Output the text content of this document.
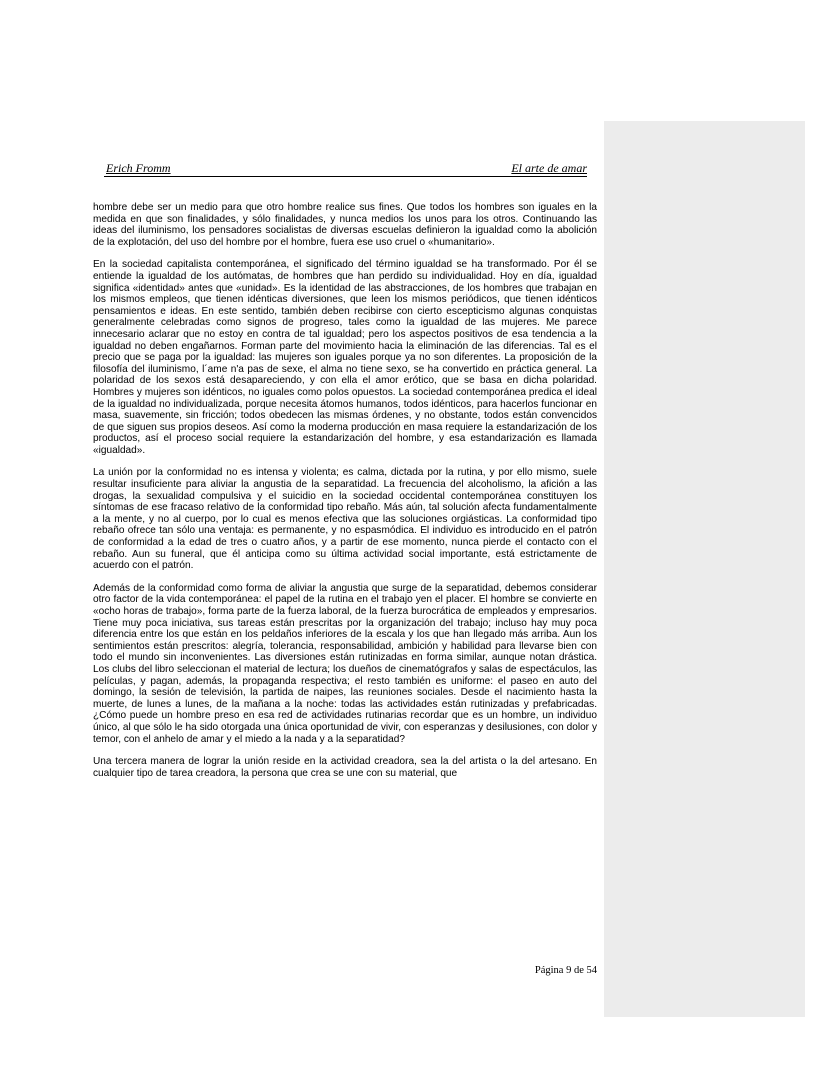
Erich Fromm	El arte de amar

hombre debe ser un medio para que otro hombre realice sus fines. Que todos los hombres son iguales en la medida en que son finalidades, y sólo finalidades, y nunca medios los unos para los otros. Continuando las ideas del iluminismo, los pensadores socialistas de diversas escuelas definieron la igualdad como la abolición de la explotación, del uso del hombre por el hombre, fuera ese uso cruel o «humanitario».

En la sociedad capitalista contemporánea, el significado del término igualdad se ha transformado. Por él se entiende la igualdad de los autómatas, de hombres que han perdido su individualidad. Hoy en día, igualdad significa «identidad» antes que «unidad». Es la identidad de las abstracciones, de los hombres que trabajan en los mismos empleos, que tienen idénticas diversiones, que leen los mismos periódicos, que tienen idénticos pensamientos e ideas. En este sentido, también deben recibirse con cierto escepticismo algunas conquistas generalmente celebradas como signos de progreso, tales como la igualdad de las mujeres. Me parece innecesario aclarar que no estoy en contra de tal igualdad; pero los aspectos positivos de esa tendencia a la igualdad no deben engañarnos. Forman parte del movimiento hacia la eliminación de las diferencias. Tal es el precio que se paga por la igualdad: las mujeres son iguales porque ya no son diferentes. La proposición de la filosofía del iluminismo, l´ame n'a pas de sexe, el alma no tiene sexo, se ha convertido en práctica general. La polaridad de los sexos está desapareciendo, y con ella el amor erótico, que se basa en dicha polaridad. Hombres y mujeres son idénticos, no iguales como polos opuestos. La sociedad contemporánea predica el ideal de la igualdad no individualizada, porque necesita átomos humanos, todos idénticos, para hacerlos funcionar en masa, suavemente, sin fricción; todos obedecen las mismas órdenes, y no obstante, todos están convencidos de que siguen sus propios deseos. Así como la moderna producción en masa requiere la estandarización de los productos, así el proceso social requiere la estandarización del hombre, y esa estandarización es llamada «igualdad».

La unión por la conformidad no es intensa y violenta; es calma, dictada por la rutina, y por ello mismo, suele resultar insuficiente para aliviar la angustia de la separatidad. La frecuencia del alcoholismo, la afición a las drogas, la sexualidad compulsiva y el suicidio en la sociedad occidental contemporánea constituyen los síntomas de ese fracaso relativo de la conformidad tipo rebaño. Más aún, tal solución afecta fundamentalmente a la mente, y no al cuerpo, por lo cual es menos efectiva que las soluciones orgiásticas. La conformidad tipo rebaño ofrece tan sólo una ventaja: es permanente, y no espasmódica. El individuo es introducido en el patrón de conformidad a la edad de tres o cuatro años, y a partir de ese momento, nunca pierde el contacto con el rebaño. Aun su funeral, que él anticipa como su última actividad social importante, está estrictamente de acuerdo con el patrón.

Además de la conformidad como forma de aliviar la angustia que surge de la separatidad, debemos considerar otro factor de la vida contemporánea: el papel de la rutina en el trabajo yen el placer. El hombre se convierte en «ocho horas de trabajo», forma parte de la fuerza laboral, de la fuerza burocrática de empleados y empresarios. Tiene muy poca iniciativa, sus tareas están prescritas por la organización del trabajo; incluso hay muy poca diferencia entre los que están en los peldaños inferiores de la escala y los que han llegado más arriba. Aun los sentimientos están prescritos: alegría, tolerancia, responsabilidad, ambición y habilidad para llevarse bien con todo el mundo sin inconvenientes. Las diversiones están rutinizadas en forma similar, aunque notan drástica. Los clubs del libro seleccionan el material de lectura; los dueños de cinematógrafos y salas de espectáculos, las películas, y pagan, además, la propaganda respectiva; el resto también es uniforme: el paseo en auto del domingo, la sesión de televisión, la partida de naipes, las reuniones sociales. Desde el nacimiento hasta la muerte, de lunes a lunes, de la mañana a la noche: todas las actividades están rutinizadas y prefabricadas. ¿Cómo puede un hombre preso en esa red de actividades rutinarias recordar que es un hombre, un individuo único, al que sólo le ha sido otorgada una única oportunidad de vivir, con esperanzas y desilusiones, con dolor y temor, con el anhelo de amar y el miedo a la nada y a la separatidad?

Una tercera manera de lograr la unión reside en la actividad creadora, sea la del artista o la del artesano. En cualquier tipo de tarea creadora, la persona que crea se une con su material, que

Página 9 de 54
